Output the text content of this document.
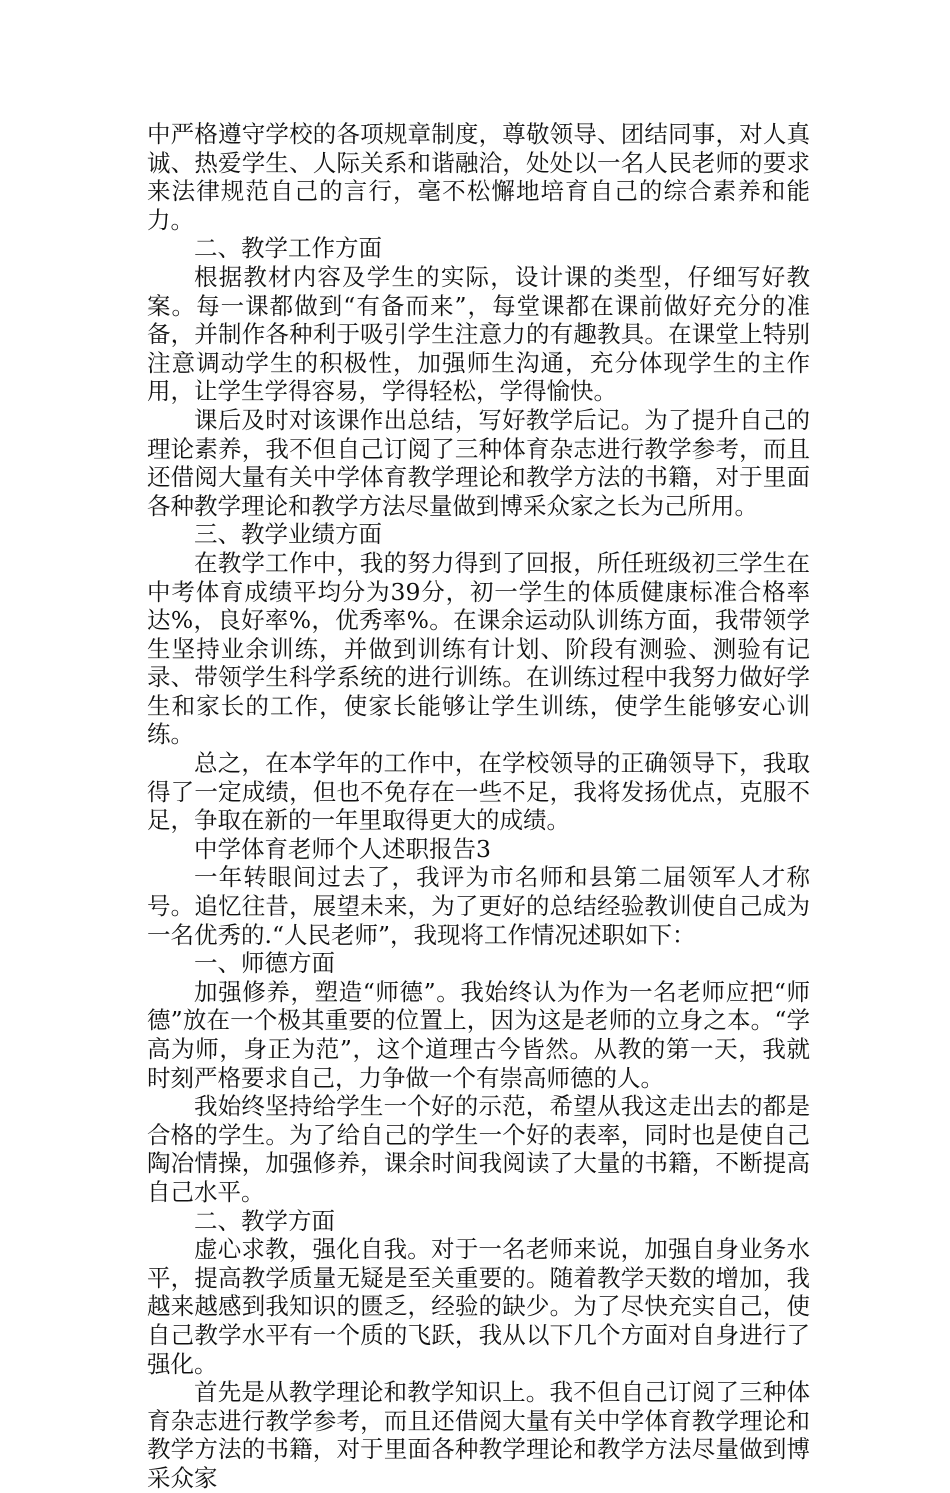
中严格遵守学校的各项规章制度，尊敬领导、团结同事，对人真诚、热爱学生、人际关系和谐融洽，处处以一名人民老师的要求来法律规范自己的言行，毫不松懈地培育自己的综合素养和能力。

二、教学工作方面

根据教材内容及学生的实际，设计课的类型，仔细写好教案。每一课都做到“有备而来”，每堂课都在课前做好充分的准备，并制作各种利于吸引学生注意力的有趣教具。在课堂上特别注意调动学生的积极性，加强师生沟通，充分体现学生的主作用，让学生学得容易，学得轻松，学得愉快。

课后及时对该课作出总结，写好教学后记。为了提升自己的理论素养，我不但自己订阅了三种体育杂志进行教学参考，而且还借阅大量有关中学体育教学理论和教学方法的书籍，对于里面各种教学理论和教学方法尽量做到博采众家之长为己所用。

三、教学业绩方面

在教学工作中，我的努力得到了回报，所任班级初三学生在中考体育成绩平均分为39分，初一学生的体质健康标准合格率达%，良好率%，优秀率%。在课余运动队训练方面，我带领学生坚持业余训练，并做到训练有计划、阶段有测验、测验有记录、带领学生科学系统的进行训练。在训练过程中我努力做好学生和家长的工作，使家长能够让学生训练，使学生能够安心训练。

总之，在本学年的工作中，在学校领导的正确领导下，我取得了一定成绩，但也不免存在一些不足，我将发扬优点，克服不足，争取在新的一年里取得更大的成绩。

中学体育老师个人述职报告3

一年转眼间过去了，我评为市名师和县第二届领军人才称号。追忆往昔，展望未来，为了更好的总结经验教训使自己成为一名优秀的.“人民老师”，我现将工作情况述职如下：

一、师德方面

加强修养，塑造“师德”。我始终认为作为一名老师应把“师德”放在一个极其重要的位置上，因为这是老师的立身之本。“学高为师，身正为范”，这个道理古今皆然。从教的第一天，我就时刻严格要求自己，力争做一个有崇高师德的人。

我始终坚持给学生一个好的示范，希望从我这走出去的都是合格的学生。为了给自己的学生一个好的表率，同时也是使自己陶冶情操，加强修养，课余时间我阅读了大量的书籍，不断提高自己水平。

二、教学方面

虚心求教，强化自我。对于一名老师来说，加强自身业务水平，提高教学质量无疑是至关重要的。随着教学天数的增加，我越来越感到我知识的匮乏，经验的缺少。为了尽快充实自己，使自己教学水平有一个质的飞跃，我从以下几个方面对自身进行了强化。

首先是从教学理论和教学知识上。我不但自己订阅了三种体育杂志进行教学参考，而且还借阅大量有关中学体育教学理论和教学方法的书籍，对于里面各种教学理论和教学方法尽量做到博采众家
